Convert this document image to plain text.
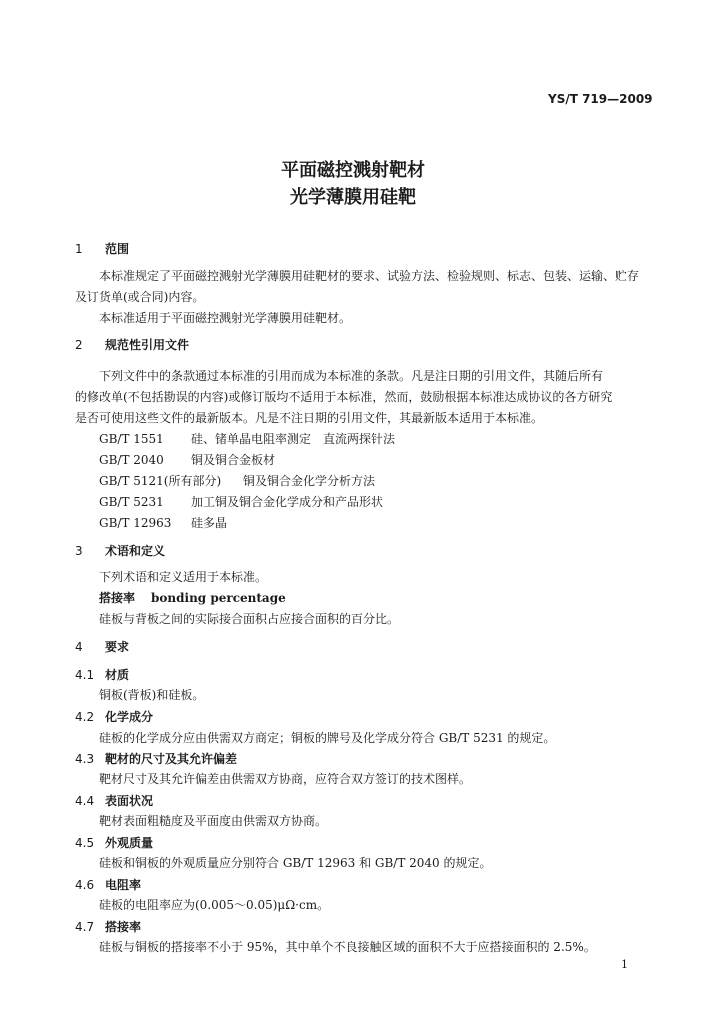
YS/T 719—2009
平面磁控溅射靶材
光学薄膜用硅靶
1 范围
本标准规定了平面磁控溅射光学薄膜用硅靶材的要求、试验方法、检验规则、标志、包装、运输、贮存
及订货单(或合同)内容。
本标准适用于平面磁控溅射光学薄膜用硅靶材。
2 规范性引用文件
下列文件中的条款通过本标准的引用而成为本标准的条款。凡是注日期的引用文件，其随后所有
的修改单(不包括勘误的内容)或修订版均不适用于本标准，然而，鼓励根据本标准达成协议的各方研究
是否可使用这些文件的最新版本。凡是不注日期的引用文件，其最新版本适用于本标准。
GB/T 1551 硅、锗单晶电阻率测定　直流两探针法
GB/T 2040 铜及铜合金板材
GB/T 5121(所有部分) 铜及铜合金化学分析方法
GB/T 5231 加工铜及铜合金化学成分和产品形状
GB/T 12963 硅多晶
3 术语和定义
下列术语和定义适用于本标准。
搭接率 bonding percentage
硅板与背板之间的实际接合面积占应接合面积的百分比。
4 要求
4.1 材质
铜板(背板)和硅板。
4.2 化学成分
硅板的化学成分应由供需双方商定；铜板的牌号及化学成分符合 GB/T 5231 的规定。
4.3 靶材的尺寸及其允许偏差
靶材尺寸及其允许偏差由供需双方协商，应符合双方签订的技术图样。
4.4 表面状况
靶材表面粗糙度及平面度由供需双方协商。
4.5 外观质量
硅板和铜板的外观质量应分别符合 GB/T 12963 和 GB/T 2040 的规定。
4.6 电阻率
硅板的电阻率应为(0.005～0.05)μΩ·cm。
4.7 搭接率
硅板与铜板的搭接率不小于 95%，其中单个不良接触区域的面积不大于应搭接面积的 2.5%。
1
